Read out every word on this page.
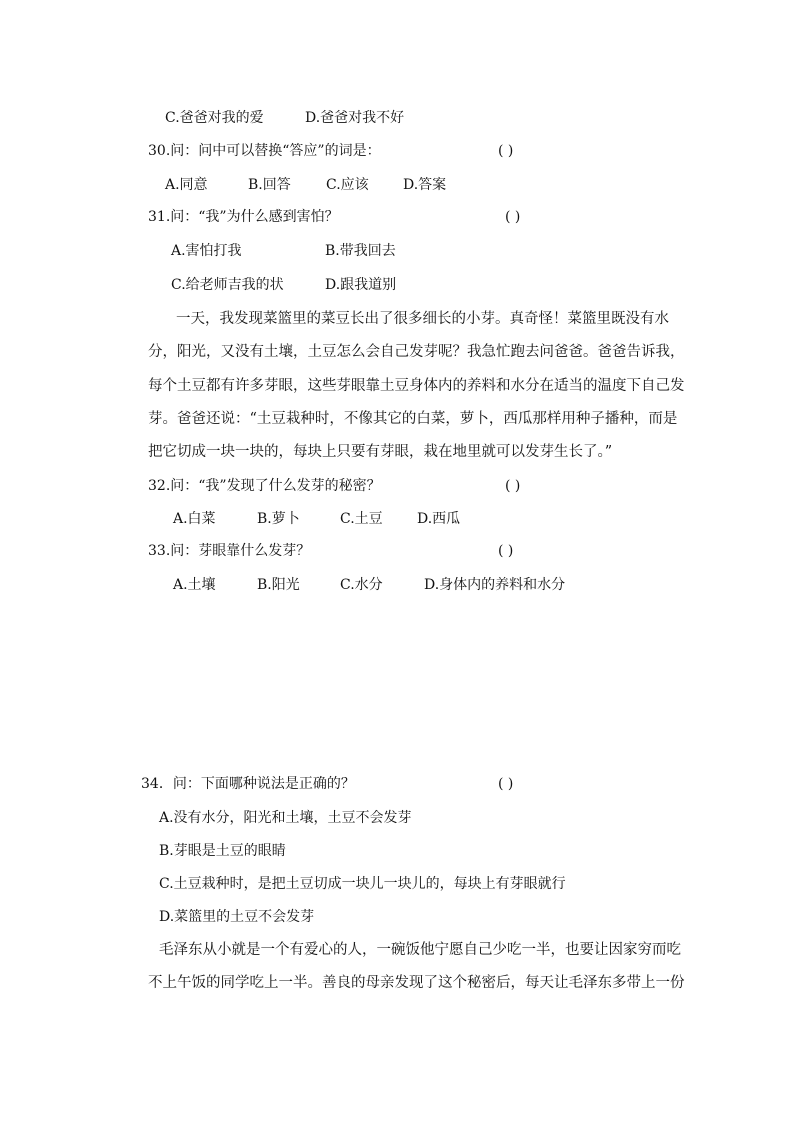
C.爸爸对我的爱	D.爸爸对我不好
30.问：问中可以替换“答应”的词是：	( )
A.同意	B.回答	C.应该 D.答案
31.问：“我”为什么感到害怕？	( )
A.害怕打我	B.带我回去
C.给老师吉我的状	D.跟我道别
一天，我发现菜篮里的菜豆长出了很多细长的小芽。真奇怪！菜篮里既没有水
分，阳光，又没有土壤，土豆怎么会自己发芽呢？我急忙跑去问爸爸。爸爸告诉我，
每个土豆都有许多芽眼，这些芽眼靠土豆身体内的养料和水分在适当的温度下自己发
芽。爸爸还说：“土豆栽种时，不像其它的白菜，萝卜，西瓜那样用种子播种，而是
把它切成一块一块的，每块上只要有芽眼，栽在地里就可以发芽生长了。”
32.问：“我”发现了什么发芽的秘密？	( )
A.白菜	B.萝卜	C.土豆 D.西瓜
33.问：芽眼靠什么发芽？	( )
A.土壤	B.阳光	C.水分	D.身体内的养料和水分
34．问：下面哪种说法是正确的？	( )
A.没有水分，阳光和土壤，土豆不会发芽
B.芽眼是土豆的眼睛
C.土豆栽种时，是把土豆切成一块儿一块儿的，每块上有芽眼就行
D.菜篮里的土豆不会发芽
毛泽东从小就是一个有爱心的人，一碗饭他宁愿自己少吃一半，也要让因家穷而吃
不上午饭的同学吃上一半。善良的母亲发现了这个秘密后，每天让毛泽东多带上一份
